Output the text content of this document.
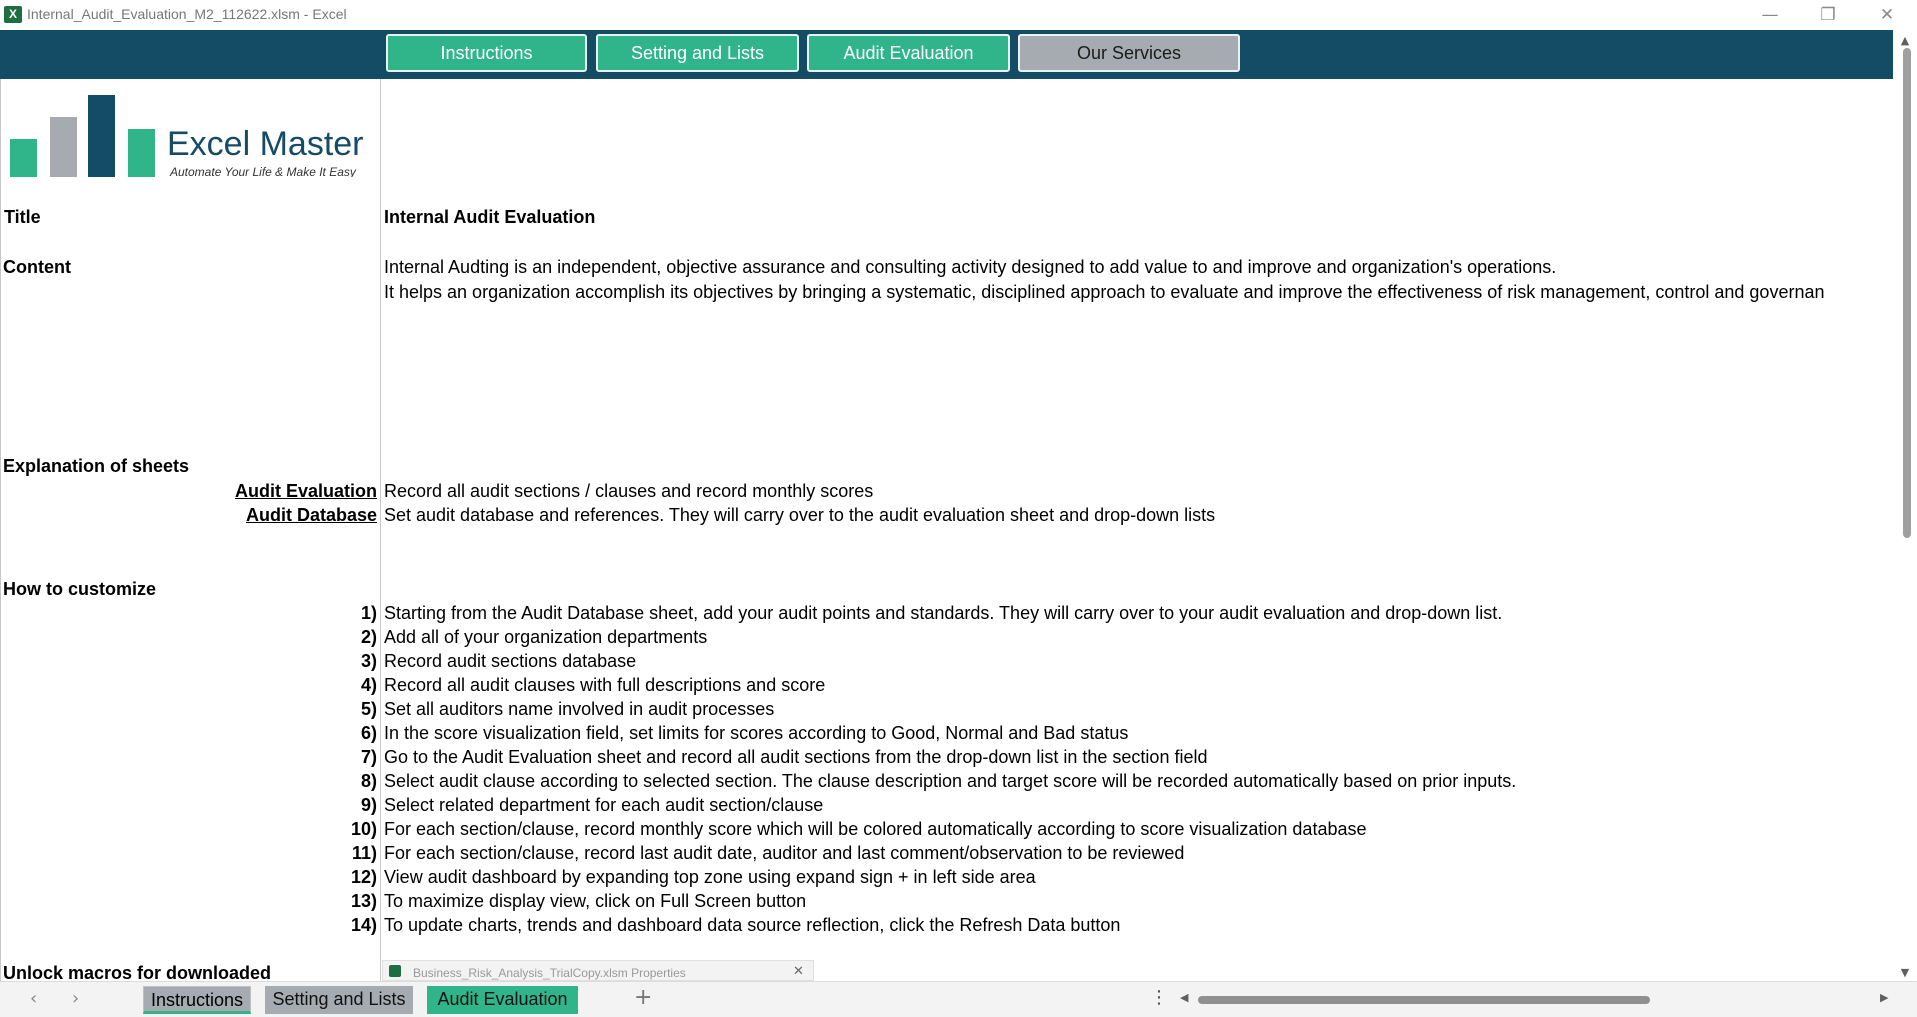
X Internal_Audit_Evaluation_M2_112622.xlsm - Excel	—	❐	✕
Instructions	Setting and Lists	Audit Evaluation	Our Services
Excel Master
Automate Your Life & Make It Easy
Title	Internal Audit Evaluation
Content	Internal Audting is an independent, objective assurance and consulting activity designed to add value to and improve and organization's operations.
It helps an organization accomplish its objectives by bringing a systematic, disciplined approach to evaluate and improve the effectiveness of risk management, control and governan
Explanation of sheets
Audit Evaluation Record all audit sections / clauses and record monthly scores
Audit Database Set audit database and references. They will carry over to the audit evaluation sheet and drop-down lists
How to customize
1) Starting from the Audit Database sheet, add your audit points and standards. They will carry over to your audit evaluation and drop-down list.
2) Add all of your organization departments
3) Record audit sections database
4) Record all audit clauses with full descriptions and score
5) Set all auditors name involved in audit processes
6) In the score visualization field, set limits for scores according to Good, Normal and Bad status
7) Go to the Audit Evaluation sheet and record all audit sections from the drop-down list in the section field
8) Select audit clause according to selected section. The clause description and target score will be recorded automatically based on prior inputs.
9) Select related department for each audit section/clause
10) For each section/clause, record monthly score which will be colored automatically according to score visualization database
11) For each section/clause, record last audit date, auditor and last comment/observation to be reviewed
12) View audit dashboard by expanding top zone using expand sign + in left side area
13) To maximize display view, click on Full Screen button
14) To update charts, trends and dashboard data source reflection, click the Refresh Data button
Unlock macros for downloaded	Business_Risk_Analysis_TrialCopy.xlsm Properties	✕
▲
▼
‹ ›	Instructions	Setting and Lists	Audit Evaluation	+	⋮ ◀	▶
